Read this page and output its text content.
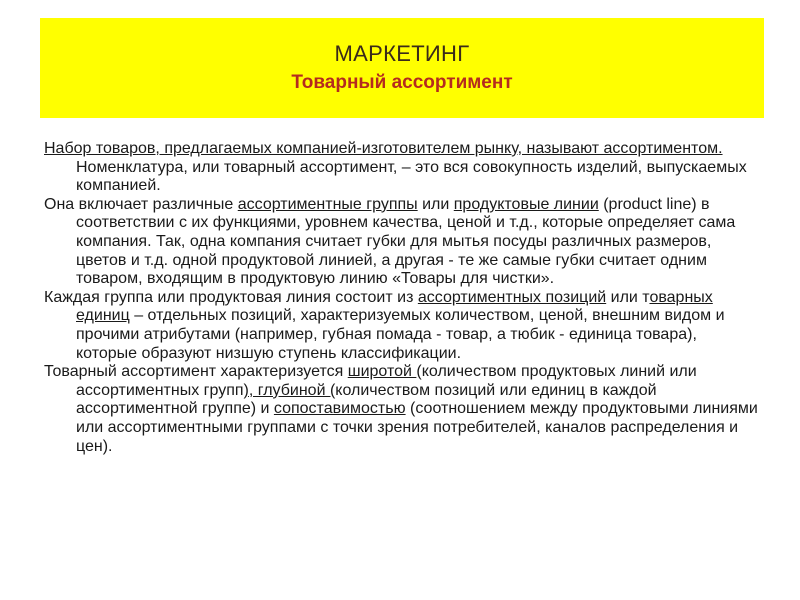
МАРКЕТИНГ
Товарный ассортимент

Набор товаров, предлагаемых компанией-изготовителем рынку, называют ассортиментом. Номенклатура, или товарный ассортимент, – это вся совокупность изделий, выпускаемых компанией.

Она включает различные ассортиментные группы или продуктовые линии (product line) в соответствии с их функциями, уровнем качества, ценой и т.д., которые определяет сама компания. Так, одна компания считает губки для мытья посуды различных размеров, цветов и т.д. одной продуктовой линией, а другая - те же самые губки считает одним товаром, входящим в продуктовую линию «Товары для чистки».

Каждая группа или продуктовая линия состоит из ассортиментных позиций или товарных единиц – отдельных позиций, характеризуемых количеством, ценой, внешним видом и прочими атрибутами (например, губная помада - товар, а тюбик - единица товара), которые образуют низшую ступень классификации.

Товарный ассортимент характеризуется широтой (количеством продуктовых линий или ассортиментных групп), глубиной (количеством позиций или единиц в каждой ассортиментной группе) и сопоставимостью (соотношением между продуктовыми линиями или ассортиментными группами с точки зрения потребителей, каналов распределения и цен).
